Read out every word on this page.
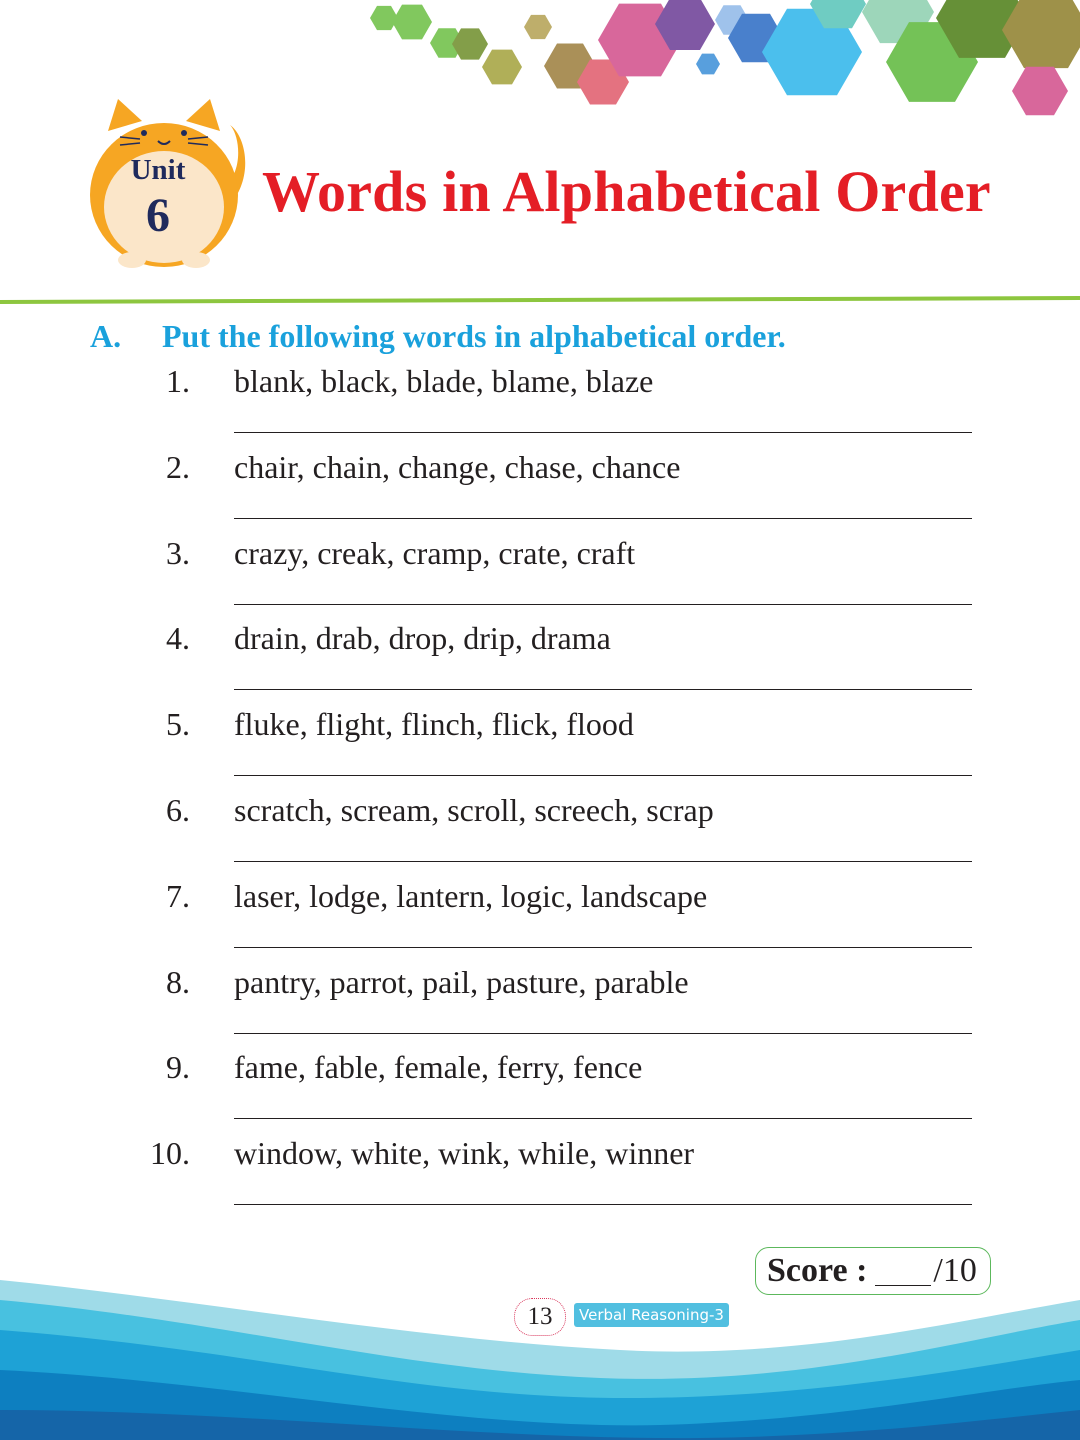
Unit
6	Words in Alphabetical Order
A. Put the following words in alphabetical order.
1. blank, black, blade, blame, blaze
2. chair, chain, change, chase, chance
3. crazy, creak, cramp, crate, craft
4. drain, drab, drop, drip, drama
5. fluke, flight, flinch, flick, flood
6. scratch, scream, scroll, screech, scrap
7. laser, lodge, lantern, logic, landscape
8. pantry, parrot, pail, pasture, parable
9. fame, fable, female, ferry, fence
10. window, white, wink, while, winner
Score : /10
13	Verbal Reasoning-3
